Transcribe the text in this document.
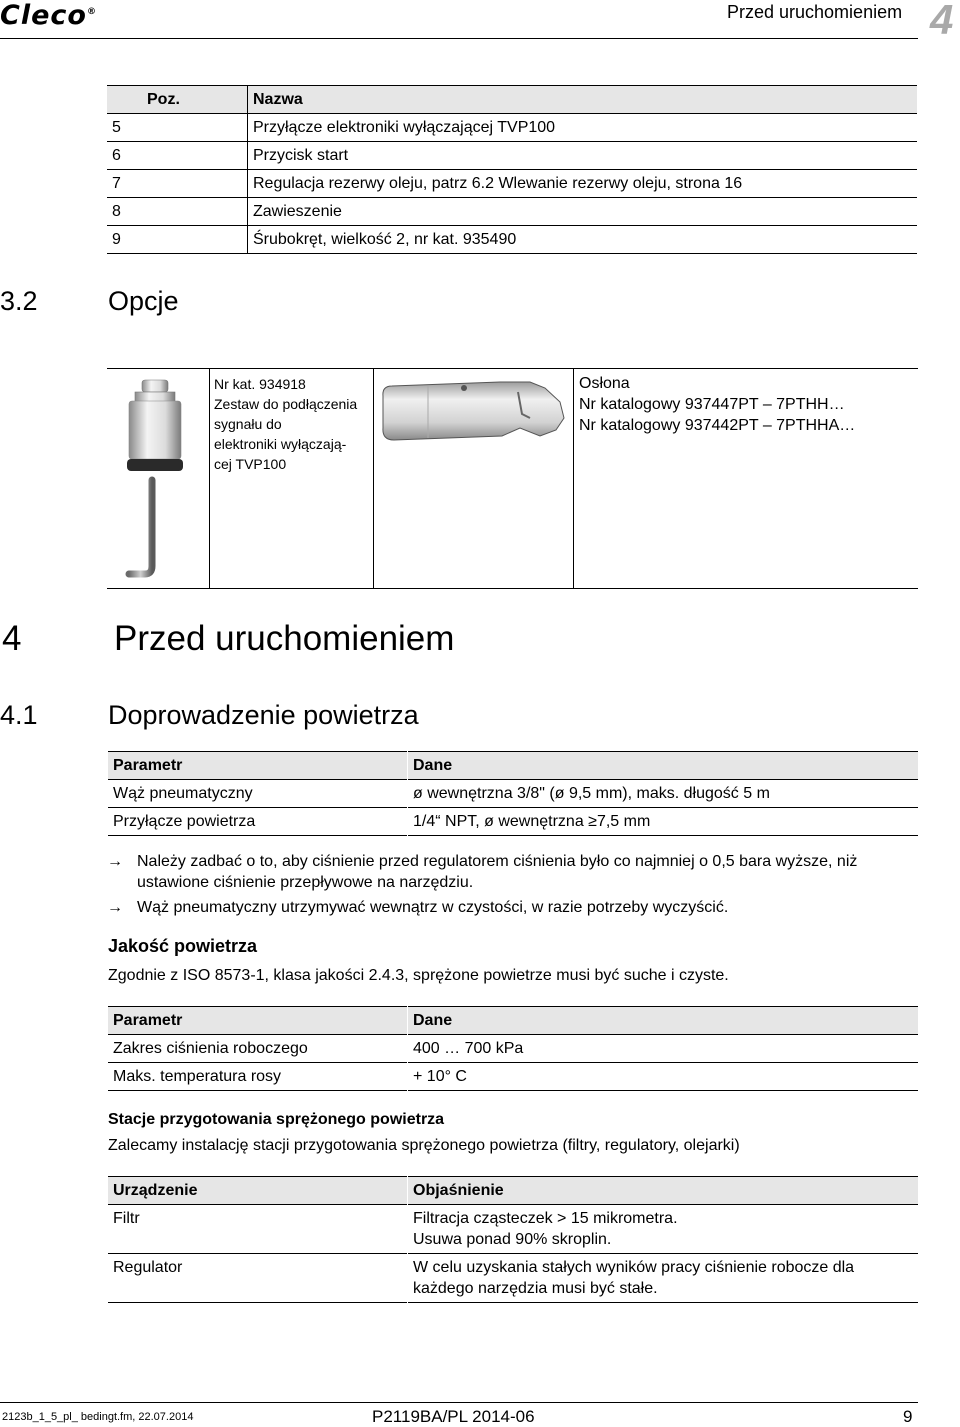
Cleco®	Przed uruchomieniem 4
Poz.	Nazwa
5	Przyłącze elektroniki wyłączającej TVP100
6	Przycisk start
7	Regulacja rezerwy oleju, patrz 6.2 Wlewanie rezerwy oleju, strona 16
8	Zawieszenie
9	Śrubokręt, wielkość 2, nr kat. 935490
3.2	Opcje
Nr kat. 934918
Zestaw do podłączenia
sygnału do
elektroniki wyłączają-
cej TVP100
Osłona
Nr katalogowy 937447PT – 7PTHH…
Nr katalogowy 937442PT – 7PTHHA…
4	Przed uruchomieniem
4.1	Doprowadzenie powietrza
Parametr	Dane
Wąż pneumatyczny	ø wewnętrzna 3/8" (ø 9,5 mm), maks. długość 5 m
Przyłącze powietrza	1/4“ NPT, ø wewnętrzna ≥7,5 mm
→ Należy zadbać o to, aby ciśnienie przed regulatorem ciśnienia było co najmniej o 0,5 bara wyższe, niż
ustawione ciśnienie przepływowe na narzędziu.
→ Wąż pneumatyczny utrzymywać wewnątrz w czystości, w razie potrzeby wyczyścić.
Jakość powietrza
Zgodnie z ISO 8573-1, klasa jakości 2.4.3, sprężone powietrze musi być suche i czyste.
Parametr	Dane
Zakres ciśnienia roboczego	400 … 700 kPa
Maks. temperatura rosy	+ 10° C
Stacje przygotowania sprężonego powietrza
Zalecamy instalację stacji przygotowania sprężonego powietrza (filtry, regulatory, olejarki)
Urządzenie	Objaśnienie
Filtr	Filtracja cząsteczek > 15 mikrometra.
Usuwa ponad 90% skroplin.

Regulator	W celu uzyskania stałych wyników pracy ciśnienie robocze dla
każdego narzędzia musi być stałe.
2123b_1_5_pl_ bedingt.fm, 22.07.2014	P2119BA/PL 2014-06	9
